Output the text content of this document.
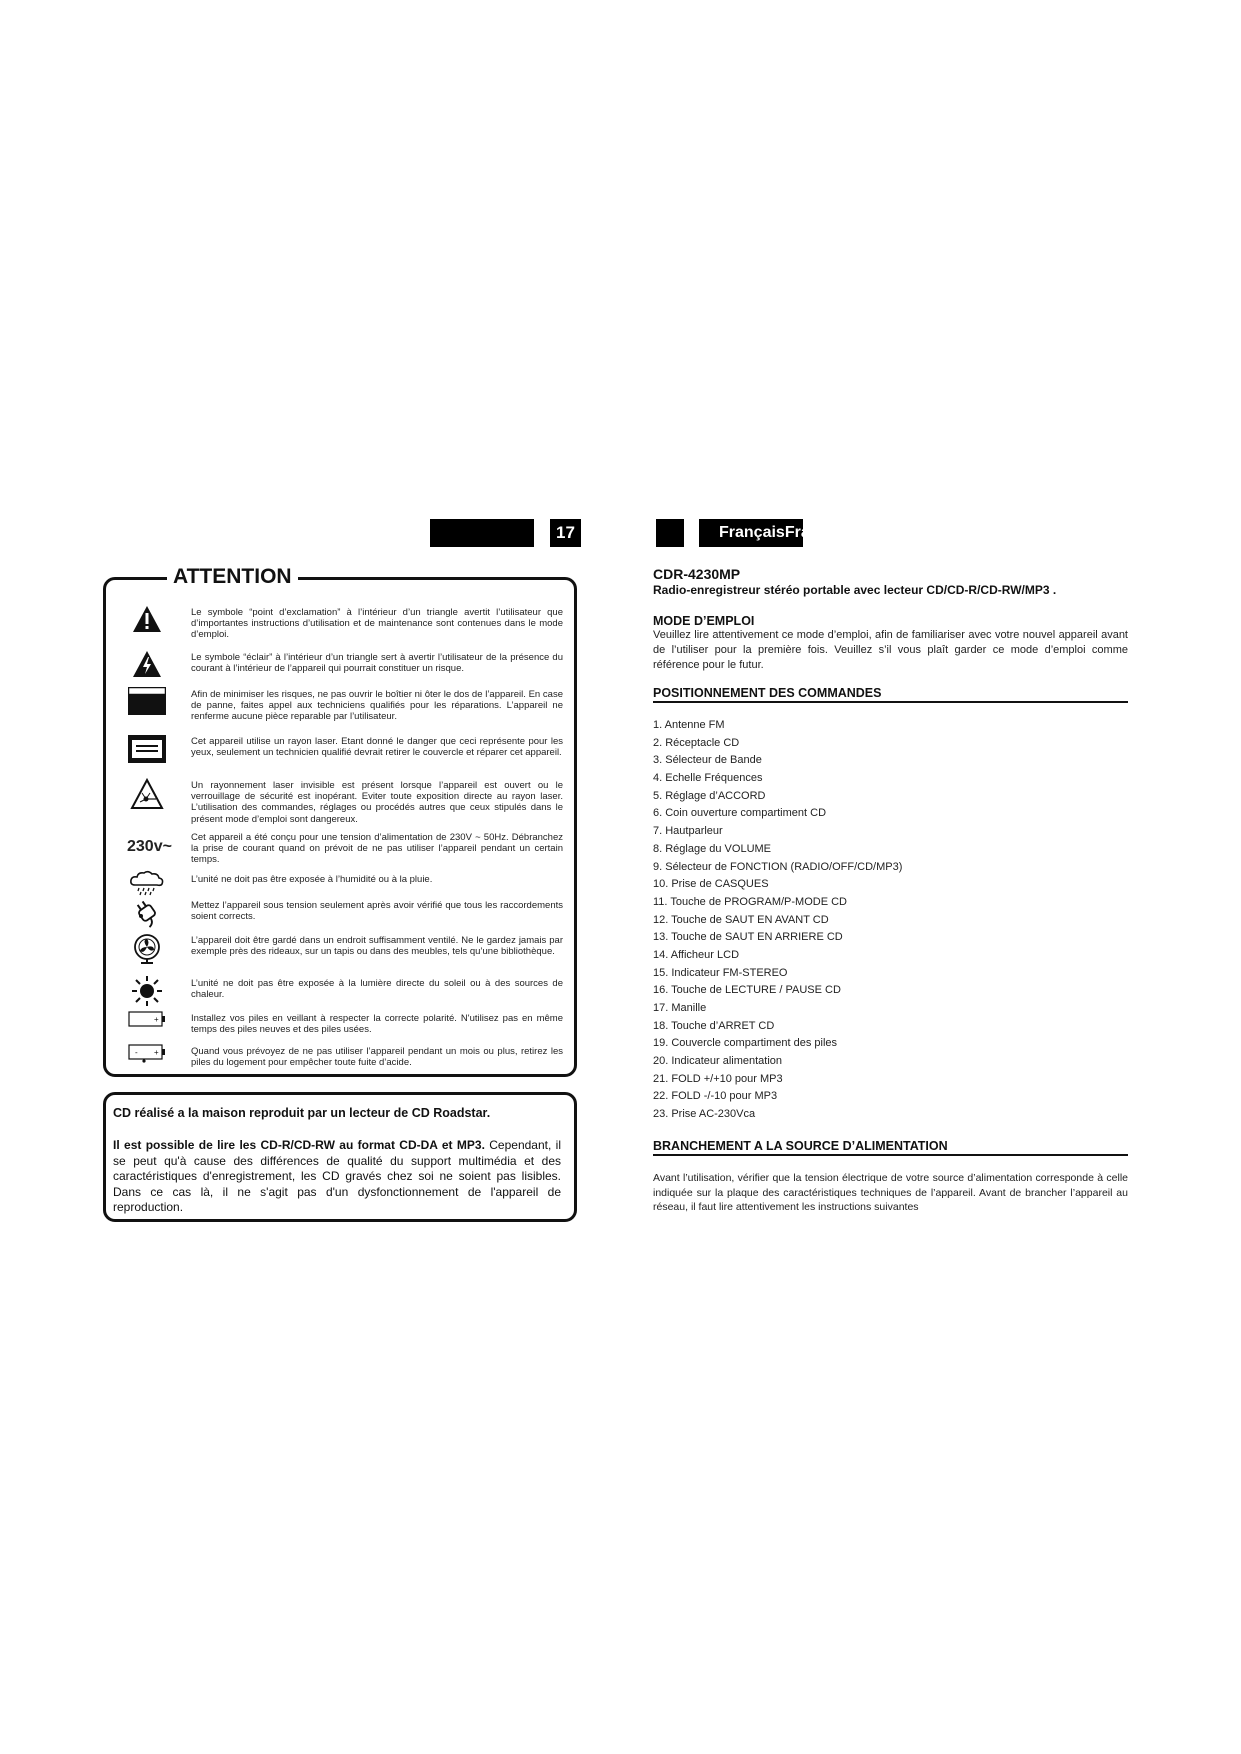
17	FrançaisFrançais
ATTENTION
Le symbole “point d’exclamation” à l’intérieur d’un triangle avertit l’utilisateur que d’importantes instructions d’utilisation et de maintenance sont contenues dans le mode d’emploi.
Le symbole “éclair” à l’intérieur d’un triangle sert à avertir l’utilisateur de la présence du courant à l’intérieur de l’appareil qui pourrait constituer un risque.
Afin de minimiser les risques, ne pas ouvrir le boîtier ni ôter le dos de l’appareil. En case de panne, faites appel aux techniciens qualifiés pour les réparations. L’appareil ne renferme aucune pièce reparable par l’utilisateur.
Cet appareil utilise un rayon laser. Etant donné le danger que ceci représente pour les yeux, seulement un technicien qualifié devrait retirer le couvercle et réparer cet appareil.
Un rayonnement laser invisible est présent lorsque l’appareil est ouvert ou le verrouillage de sécurité est inopérant. Eviter toute exposition directe au rayon laser. L’utilisation des commandes, réglages ou procédés autres que ceux stipulés dans le présent mode d’emploi sont dangereux.
230v~
Cet appareil a été conçu pour une tension d’alimentation de 230V ~ 50Hz. Débranchez la prise de courant quand on prévoit de ne pas utiliser l’appareil pendant un certain temps.
L’unité ne doit pas être exposée à l’humidité ou à la pluie.
Mettez l’appareil sous tension seulement après avoir vérifié que tous les raccordements soient corrects.
L’appareil doit être gardé dans un endroit suffisamment ventilé. Ne le gardez jamais par exemple près des rideaux, sur un tapis ou dans des meubles, tels qu’une bibliothèque.
L’unité ne doit pas être exposée à la lumière directe du soleil ou à des sources de chaleur.
+	Installez vos piles en veillant à respecter la correcte polarité. N'utilisez pas en même temps des piles neuves et des piles usées.
- +	Quand vous prévoyez de ne pas utiliser l’appareil pendant un mois ou plus, retirez les piles du logement pour empêcher toute fuite d’acide.
CD réalisé a la maison reproduit par un lecteur de CD Roadstar.
Il est possible de lire les CD-R/CD-RW au format CD-DA et MP3. Cependant, il se peut qu'à cause des différences de qualité du support multimédia et des caractéristiques d'enregistrement, les CD gravés chez soi ne soient pas lisibles. Dans ce cas là, il ne s'agit pas d'un dysfonctionnement de l'appareil de reproduction.
CDR-4230MP
Radio-enregistreur stéréo portable avec lecteur CD/CD-R/CD-RW/MP3 .
MODE D’EMPLOI
Veuillez lire attentivement ce mode d’emploi, afin de familiariser avec votre nouvel appareil avant de l’utiliser pour la première fois. Veuillez s’il vous plaît garder ce mode d’emploi comme référence pour le futur.
POSITIONNEMENT DES COMMANDES
1. Antenne FM
2. Réceptacle CD
3. Sélecteur de Bande
4. Echelle Fréquences
5. Réglage d’ACCORD
6. Coin ouverture compartiment CD
7. Hautparleur
8. Réglage du VOLUME
9. Sélecteur de FONCTION (RADIO/OFF/CD/MP3)
10. Prise de CASQUES
11. Touche de PROGRAM/P-MODE CD
12. Touche de SAUT EN AVANT CD
13. Touche de SAUT EN ARRIERE CD
14. Afficheur LCD
15. Indicateur FM-STEREO
16. Touche de LECTURE / PAUSE CD
17. Manille
18. Touche d’ARRET CD
19. Couvercle compartiment des piles
20. Indicateur alimentation
21. FOLD +/+10 pour MP3
22. FOLD -/-10 pour MP3
23. Prise AC-230Vca
BRANCHEMENT A LA SOURCE D’ALIMENTATION
Avant l’utilisation, vérifier que la tension électrique de votre source d’alimentation corresponde à celle indiquée sur la plaque des caractéristiques techniques de l’appareil. Avant de brancher l’appareil au réseau, il faut lire attentivement les instructions suivantes
